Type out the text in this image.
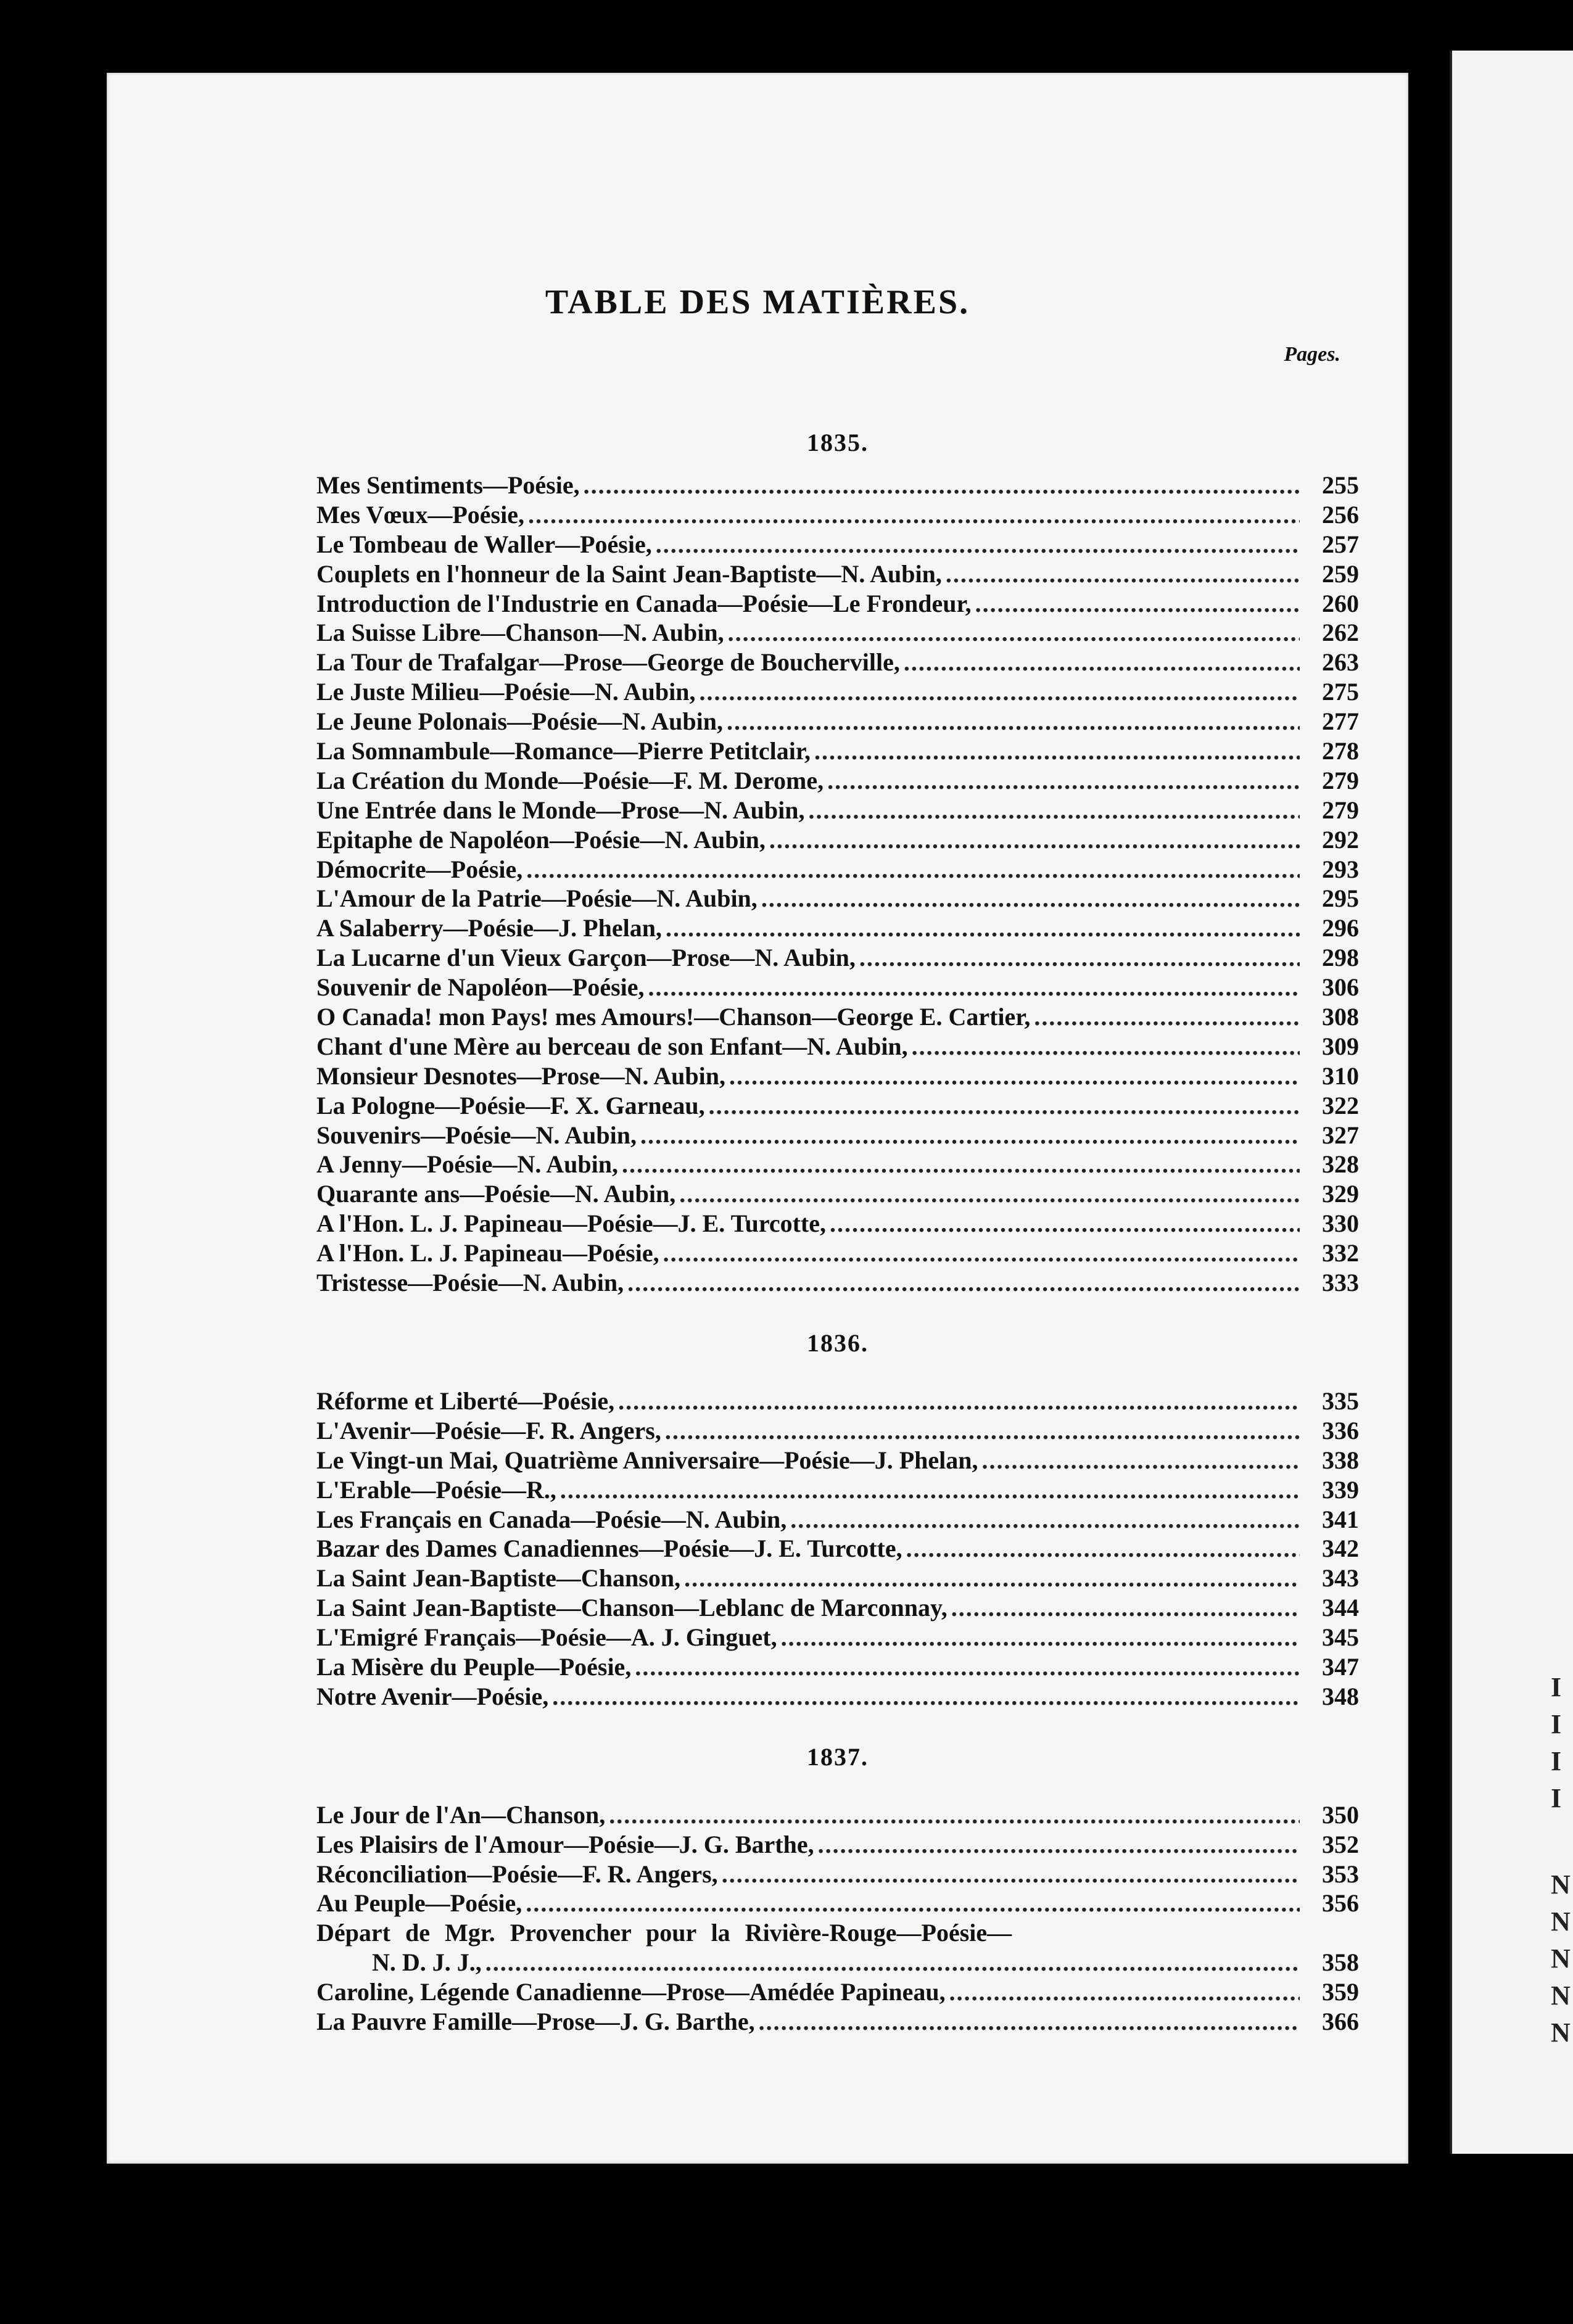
TABLE DES MATIÈRES.
Pages.
1835.
Mes Sentiments—Poésie, .....	255
Mes Vœux—Poésie, .....	256
Le Tombeau de Waller—Poésie, .....	257
Couplets en l'honneur de la Saint Jean-Baptiste—N. Aubin, .....	259
Introduction de l'Industrie en Canada—Poésie—Le Frondeur, .....	260
La Suisse Libre—Chanson—N. Aubin, .....	262
La Tour de Trafalgar—Prose—George de Boucherville, .....	263
Le Juste Milieu—Poésie—N. Aubin, .....	275
Le Jeune Polonais—Poésie—N. Aubin, .....	277
La Somnambule—Romance—Pierre Petitclair, .....	278
La Création du Monde—Poésie—F. M. Derome, .....	279
Une Entrée dans le Monde—Prose—N. Aubin, .....	279
Epitaphe de Napoléon—Poésie—N. Aubin, .....	292
Démocrite—Poésie, .....	293
L'Amour de la Patrie—Poésie—N. Aubin, .....	295
A Salaberry—Poésie—J. Phelan, .....	296
La Lucarne d'un Vieux Garçon—Prose—N. Aubin, .....	298
Souvenir de Napoléon—Poésie, .....	306
O Canada! mon Pays! mes Amours!—Chanson—George E. Cartier, .....	308
Chant d'une Mère au berceau de son Enfant—N. Aubin, .....	309
Monsieur Desnotes—Prose—N. Aubin, .....	310
La Pologne—Poésie—F. X. Garneau, .....	322
Souvenirs—Poésie—N. Aubin, .....	327
A Jenny—Poésie—N. Aubin, .....	328
Quarante ans—Poésie—N. Aubin, .....	329
A l'Hon. L. J. Papineau—Poésie—J. E. Turcotte, .....	330
A l'Hon. L. J. Papineau—Poésie, .....	332
Tristesse—Poésie—N. Aubin, .....	333
1836.
Réforme et Liberté—Poésie, .....	335
L'Avenir—Poésie—F. R. Angers, .....	336
Le Vingt-un Mai, Quatrième Anniversaire—Poésie—J. Phelan, .....	338
L'Erable—Poésie—R., .....	339
Les Français en Canada—Poésie—N. Aubin, .....	341
Bazar des Dames Canadiennes—Poésie—J. E. Turcotte, .....	342
La Saint Jean-Baptiste—Chanson, .....	343
La Saint Jean-Baptiste—Chanson—Leblanc de Marconnay, .....	344
L'Emigré Français—Poésie—A. J. Ginguet, .....	345
La Misère du Peuple—Poésie, .....	347
Notre Avenir—Poésie, .....	348
1837.
Le Jour de l'An—Chanson, .....	350
Les Plaisirs de l'Amour—Poésie—J. G. Barthe, .....	352
Réconciliation—Poésie—F. R. Angers, .....	353
Au Peuple—Poésie, .....	356
Départ de Mgr. Provencher pour la Rivière-Rouge—Poésie—
N. D. J. J., .....	358
Caroline, Légende Canadienne—Prose—Amédée Papineau, .....	359
La Pauvre Famille—Prose—J. G. Barthe, .....	366
I
I
I
I
N
N
N
N
N
